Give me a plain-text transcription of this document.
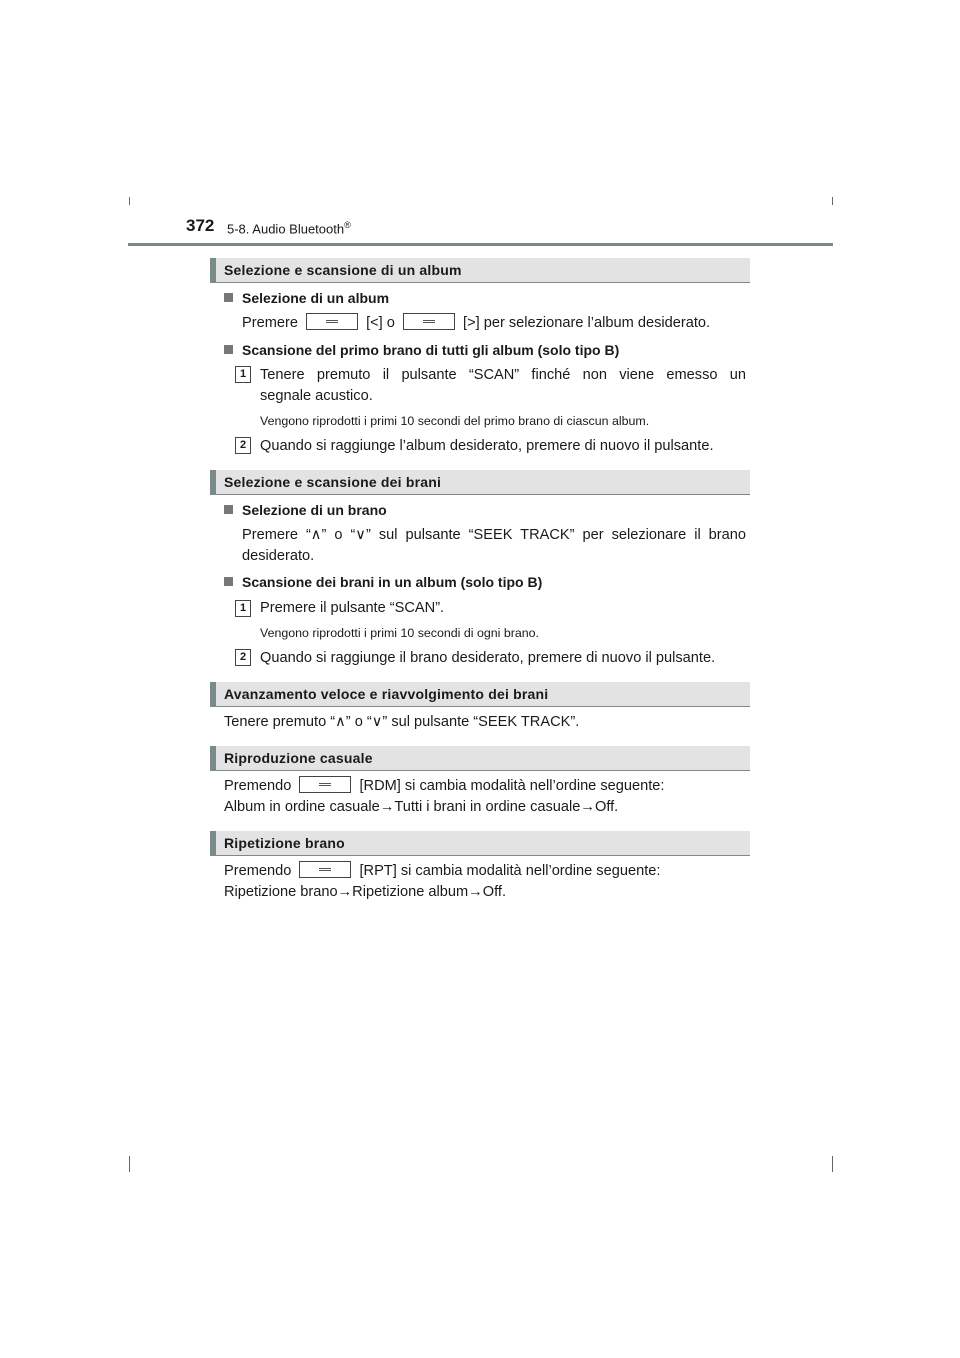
372 5-8. Audio Bluetooth®
Selezione e scansione di un album
Selezione di un album
Premere	[<] o	[>] per selezionare l’album desiderato.
Scansione del primo brano di tutti gli album (solo tipo B)
1 Tenere premuto il pulsante “SCAN” finché non viene emesso un
segnale acustico.
Vengono riprodotti i primi 10 secondi del primo brano di ciascun album.
2 Quando si raggiunge l’album desiderato, premere di nuovo il pulsante.
Selezione e scansione dei brani
Selezione di un brano
Premere “∧” o “∨” sul pulsante “SEEK TRACK” per selezionare il brano
desiderato.
Scansione dei brani in un album (solo tipo B)
1 Premere il pulsante “SCAN”.
Vengono riprodotti i primi 10 secondi di ogni brano.
2 Quando si raggiunge il brano desiderato, premere di nuovo il pulsante.
Avanzamento veloce e riavvolgimento dei brani
Tenere premuto “∧” o “∨” sul pulsante “SEEK TRACK”.
Riproduzione casuale
Premendo	[RDM] si cambia modalità nell’ordine seguente:
Album in ordine casuale→Tutti i brani in ordine casuale→Off.
Ripetizione brano
Premendo	[RPT] si cambia modalità nell’ordine seguente:
Ripetizione brano→Ripetizione album→Off.
